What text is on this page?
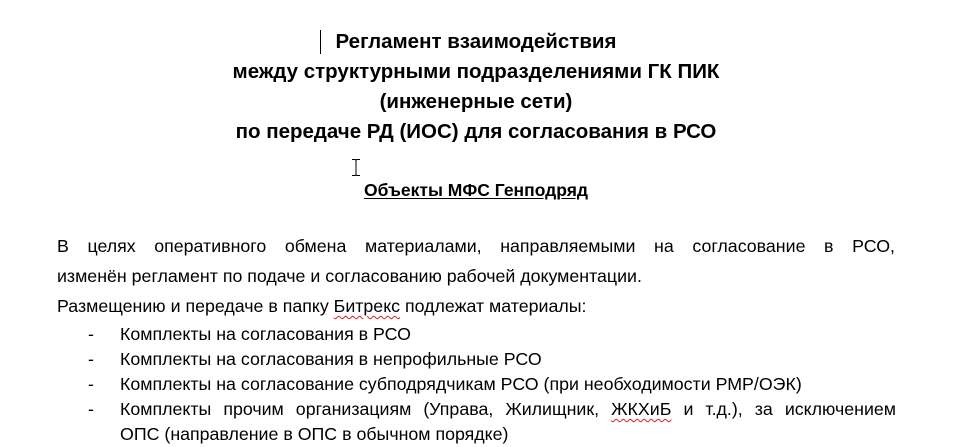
Регламент взаимодействия
между структурными подразделениями ГК ПИК
(инженерные сети)
по передаче РД (ИОС) для согласования в РСО
Объекты МФС Генподряд
В целях оперативного обмена материалами, направляемыми на согласование в РСО,
изменён регламент по подаче и согласованию рабочей документации.
Размещению и передаче в папку Битрекс подлежат материалы:
- Комплекты на согласования в РСО
- Комплекты на согласования в непрофильные РСО
- Комплекты на согласование субподрядчикам РСО (при необходимости РМР/ОЭК)
- Комплекты прочим организациям (Управа, Жилищник, ЖКХиБ и т.д.), за исключением
ОПС (направление в ОПС в обычном порядке)
